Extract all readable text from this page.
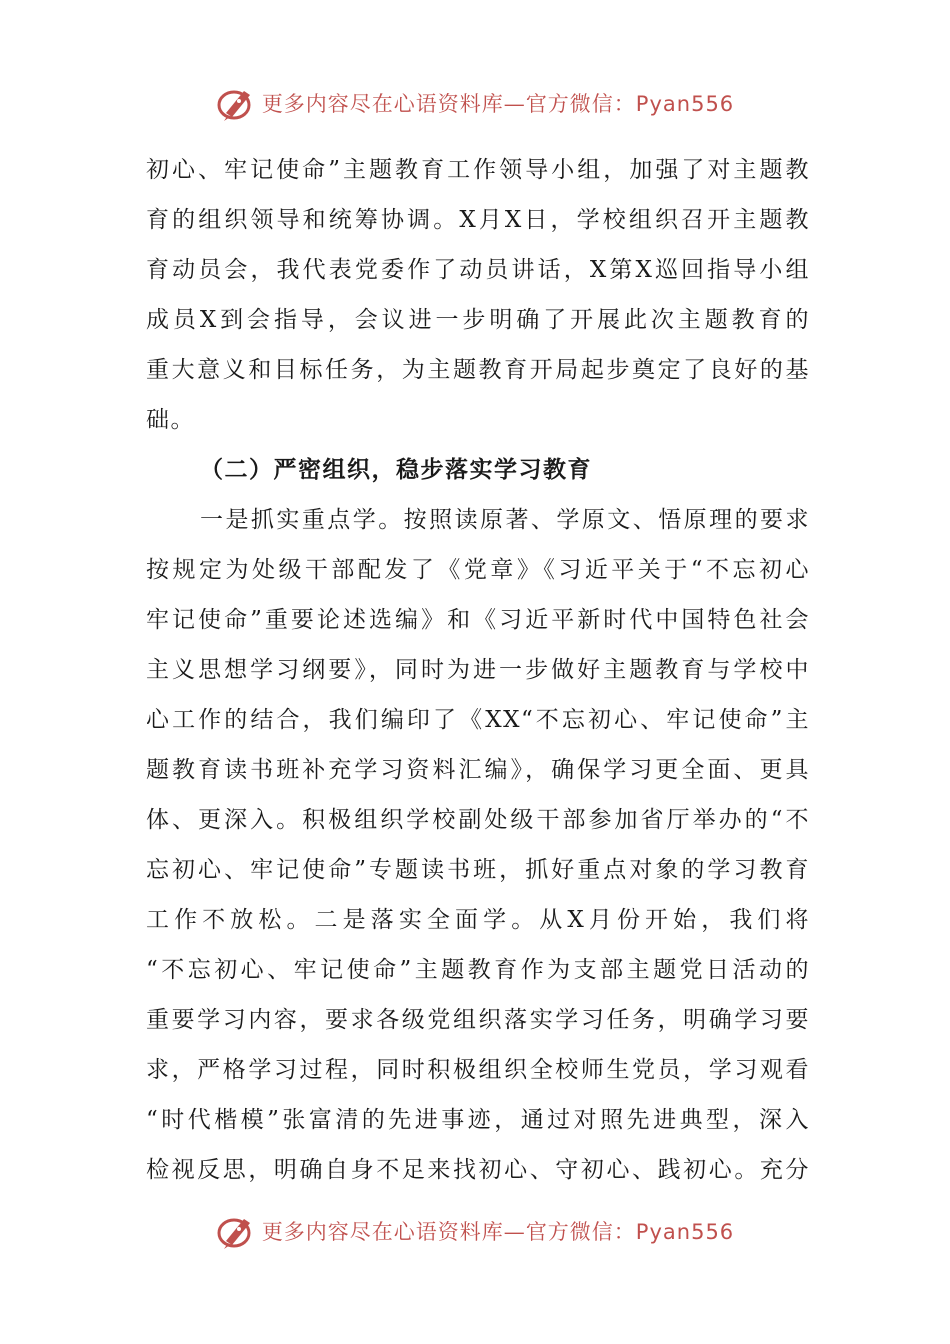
更多内容尽在心语资料库—官方微信：Pyan556
初心、牢记使命”主题教育工作领导小组，加强了对主题教
育的组织领导和统筹协调。X月X日，学校组织召开主题教
育动员会，我代表党委作了动员讲话，X第X巡回指导小组
成员X到会指导，会议进一步明确了开展此次主题教育的
重大意义和目标任务，为主题教育开局起步奠定了良好的基
础。
（二）严密组织，稳步落实学习教育
一是抓实重点学。按照读原著、学原文、悟原理的要求
按规定为处级干部配发了《党章》《习近平关于“不忘初心
牢记使命”重要论述选编》和《习近平新时代中国特色社会
主义思想学习纲要》，同时为进一步做好主题教育与学校中
心工作的结合，我们编印了《XX“不忘初心、牢记使命”主
题教育读书班补充学习资料汇编》，确保学习更全面、更具
体、更深入。积极组织学校副处级干部参加省厅举办的“不
忘初心、牢记使命”专题读书班，抓好重点对象的学习教育
工作不放松。二是落实全面学。从X月份开始，我们将
“不忘初心、牢记使命”主题教育作为支部主题党日活动的
重要学习内容，要求各级党组织落实学习任务，明确学习要
求，严格学习过程，同时积极组织全校师生党员，学习观看
“时代楷模”张富清的先进事迹，通过对照先进典型，深入
检视反思，明确自身不足来找初心、守初心、践初心。充分
更多内容尽在心语资料库—官方微信：Pyan556
